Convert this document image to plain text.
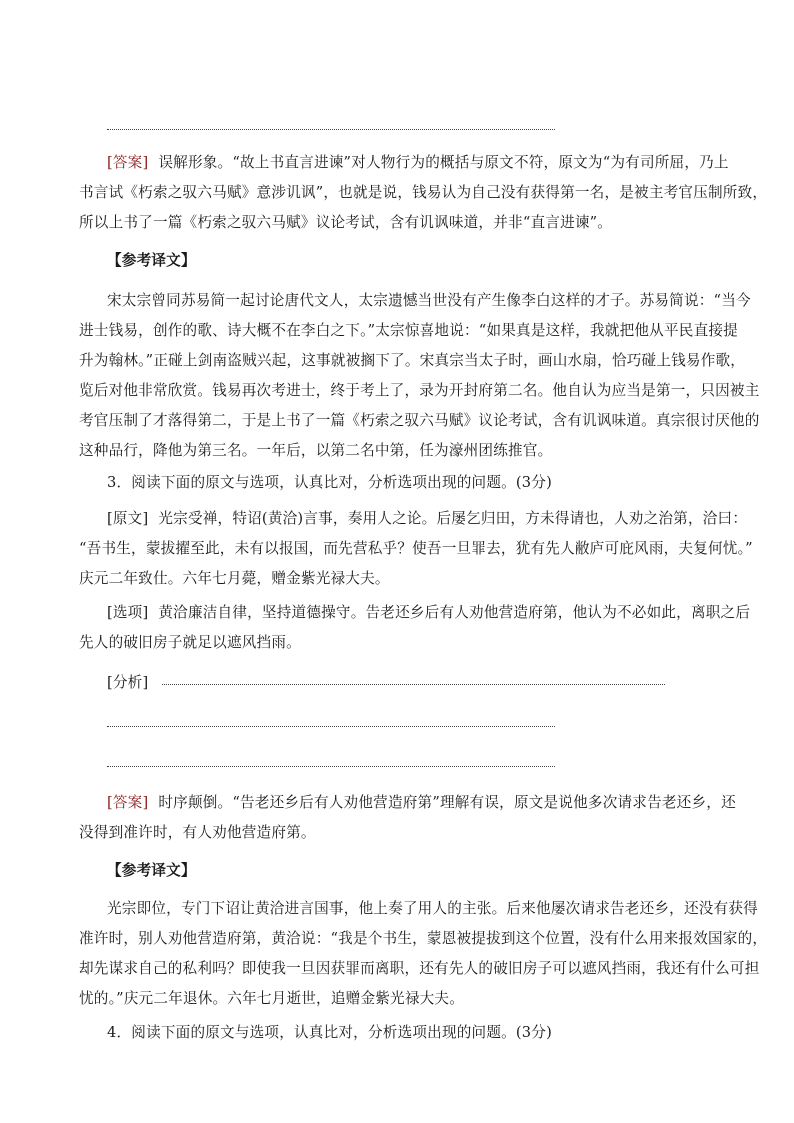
[答案] 误解形象。“故上书直言进谏”对人物行为的概括与原文不符，原文为“为有司所屈，乃上
书言试《朽索之驭六马赋》意涉讥讽”，也就是说，钱易认为自己没有获得第一名，是被主考官压制所致，
所以上书了一篇《朽索之驭六马赋》议论考试，含有讥讽味道，并非“直言进谏”。
【参考译文】
宋太宗曾同苏易简一起讨论唐代文人，太宗遗憾当世没有产生像李白这样的才子。苏易简说：“当今
进士钱易，创作的歌、诗大概不在李白之下。”太宗惊喜地说：“如果真是这样，我就把他从平民直接提
升为翰林。”正碰上剑南盗贼兴起，这事就被搁下了。宋真宗当太子时，画山水扇，恰巧碰上钱易作歌，
览后对他非常欣赏。钱易再次考进士，终于考上了，录为开封府第二名。他自认为应当是第一，只因被主
考官压制了才落得第二，于是上书了一篇《朽索之驭六马赋》议论考试，含有讥讽味道。真宗很讨厌他的
这种品行，降他为第三名。一年后，以第二名中第，任为濠州团练推官。
3．阅读下面的原文与选项，认真比对，分析选项出现的问题。(3分)
[原文] 光宗受禅，特诏(黄洽)言事，奏用人之论。后屡乞归田，方未得请也，人劝之治第，洽曰：
“吾书生，蒙拔擢至此，未有以报国，而先营私乎？使吾一旦罪去，犹有先人敝庐可庇风雨，夫复何忧。”
庆元二年致仕。六年七月薨，赠金紫光禄大夫。
[选项] 黄洽廉洁自律，坚持道德操守。告老还乡后有人劝他营造府第，他认为不必如此，离职之后
先人的破旧房子就足以遮风挡雨。
[分析]
[答案] 时序颠倒。“告老还乡后有人劝他营造府第”理解有误，原文是说他多次请求告老还乡，还
没得到准许时，有人劝他营造府第。
【参考译文】
光宗即位，专门下诏让黄洽进言国事，他上奏了用人的主张。后来他屡次请求告老还乡，还没有获得
准许时，别人劝他营造府第，黄洽说：“我是个书生，蒙恩被提拔到这个位置，没有什么用来报效国家的，
却先谋求自己的私利吗？即使我一旦因获罪而离职，还有先人的破旧房子可以遮风挡雨，我还有什么可担
忧的。”庆元二年退休。六年七月逝世，追赠金紫光禄大夫。
4．阅读下面的原文与选项，认真比对，分析选项出现的问题。(3分)
